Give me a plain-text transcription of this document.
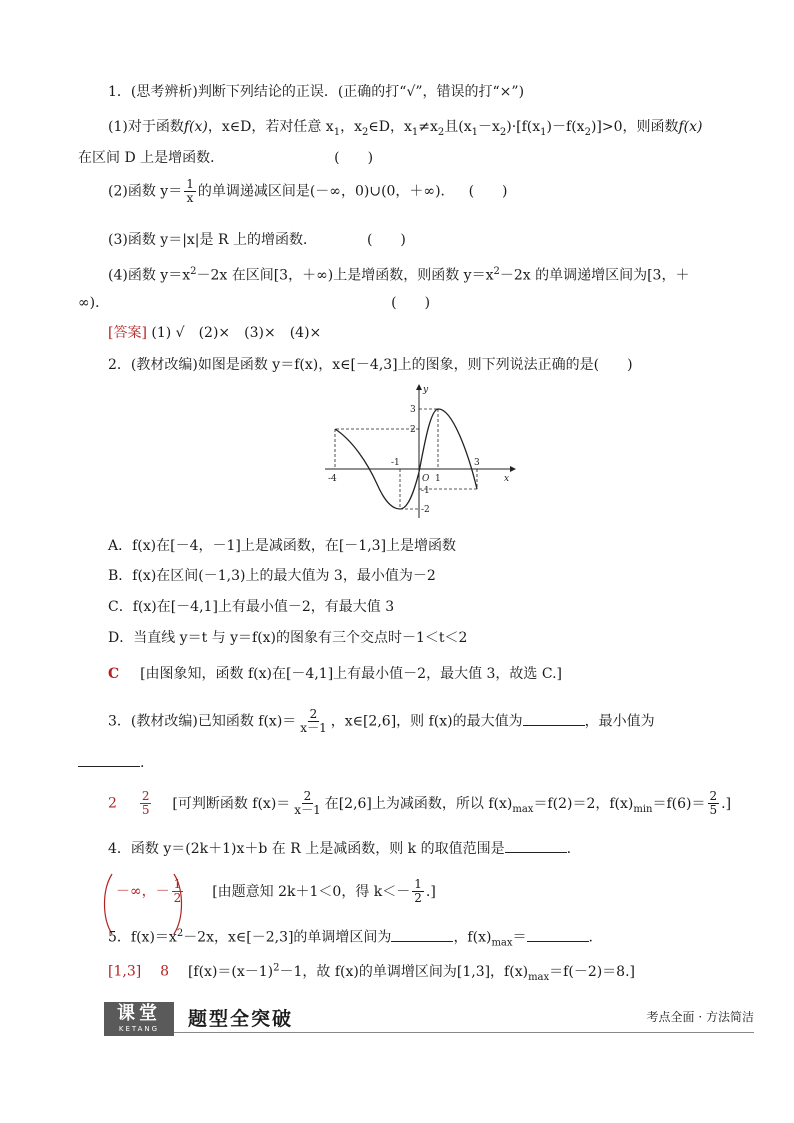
1．(思考辨析)判断下列结论的正误．(正确的打“√”，错误的打“×”)
(1)对于函数f(x)，x∈D，若对任意 $x_1$，$x_2\in D$，$x_1\ne x_2$且$(x_1-x_2)\cdot[f(x_1)-f(x_2)]>0$，则函数f(x)
在区间 D 上是增函数．	(　　)
(2)函数 $y= \frac{1}{x}$ 的单调递减区间是(－∞，0)∪(0，＋∞)． (　　)
(3)函数 y＝|x|是 R 上的增函数．	(　　)
(4)函数 $y=x^2-2x$ 在区间[3，＋∞)上是增函数，则函数 $y=x^2-2x$ 的单调递增区间为[3，＋
∞)．	(　　)
[答案] (1) √　(2)×　(3)×　(4)×
2．(教材改编)如图是函数 y＝f(x)，x∈[－4,3]上的图象，则下列说法正确的是(　　)
y
x
-4
-1
O 1
3
3
2
-1
-2
A．f(x)在[－4，－1]上是减函数，在[－1,3]上是增函数
B．f(x)在区间(－1,3)上的最大值为 3，最小值为－2
C．f(x)在[－4,1]上有最小值－2，有最大值 3
D．当直线 y＝t 与 y＝f(x)的图象有三个交点时－1＜t＜2
C [由图象知，函数 f(x)在[－4,1]上有最小值－2，最大值 3，故选 C.]
3．(教材改编)已知函数 $f(x)= \frac{2}{x-1}$ ，x∈[2,6]，则 f(x)的最大值为	，最小值为
.
$2 \frac{2}{5}$ [可判断函数 $f(x)= \frac{2}{x-1}$ 在[2,6]上为减函数，所以 $f(x)_{max}=f(2)=2$，$f(x)_{min}=f(6)= \frac{2}{5}$ .]
4．函数 y＝(2k＋1)x＋b 在 R 上是减函数，则 k 的取值范围是	.
－∞，－ $\frac{1}{2}$ [由题意知 2k＋1＜0，得 $k<- \frac{1}{2}$ .]
5．$f(x)=x^2-2x$，x∈[－2,3]的单调增区间为	，$f(x)_{max}=$	.
[1,3] 8 [$f(x)=(x-1)^2-1$，故 f(x)的单调增区间为[1,3]，$f(x)_{max}=f(-2)=8$.]
课堂
KETANG	题型全突破	考点全面 · 方法简洁
